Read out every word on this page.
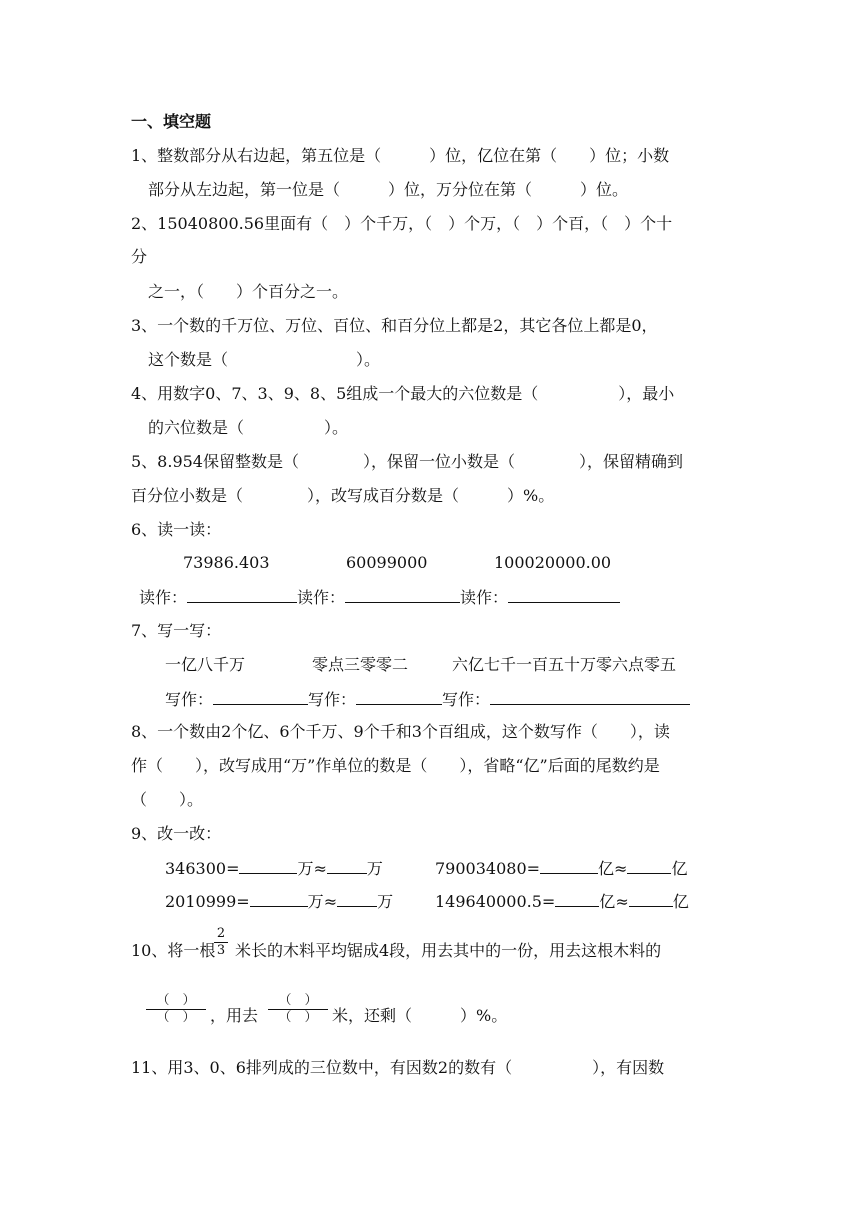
一、填空题
1、整数部分从右边起，第五位是（　　　）位，亿位在第（　　）位；小数
部分从左边起，第一位是（　　　）位，万分位在第（　　　）位。
2、15040800.56里面有（　）个千万，（　）个万，（　）个百，（　）个十
分
之一，（　　）个百分之一。
3、一个数的千万位、万位、百位、和百分位上都是2，其它各位上都是0，
这个数是（　　　　　　　　）。
4、用数字0、7、3、9、8、5组成一个最大的六位数是（　　　　　），最小
的六位数是（　　　　　）。
5、8.954保留整数是（　　　　），保留一位小数是（　　　　），保留精确到
百分位小数是（　　　　），改写成百分数是（　　　）%。
6、读一读：
73986.403	60099000	100020000.00
读作：	读作：	读作：
7、写一写：
一亿八千万	零点三零零二	六亿七千一百五十万零六点零五
写作：	写作：	写作：
8、一个数由2个亿、6个千万、9个千和3个百组成，这个数写作（　　），读
作（　　），改写成用“万”作单位的数是（　　），省略“亿”后面的尾数约是
（　　）。
9、改一改：
346300=	万≈	万	790034080=	亿≈	亿
2010999=	万≈	万	149640000.5=	亿≈	亿
10、将一根
2
3 米长的木料平均锯成4段，用去其中的一份，用去这根木料的
（　）
（　） ，用去
（　）
（　） 米，还剩（　　　）%。
11、用3、0、6排列成的三位数中，有因数2的数有（　　　　　），有因数
